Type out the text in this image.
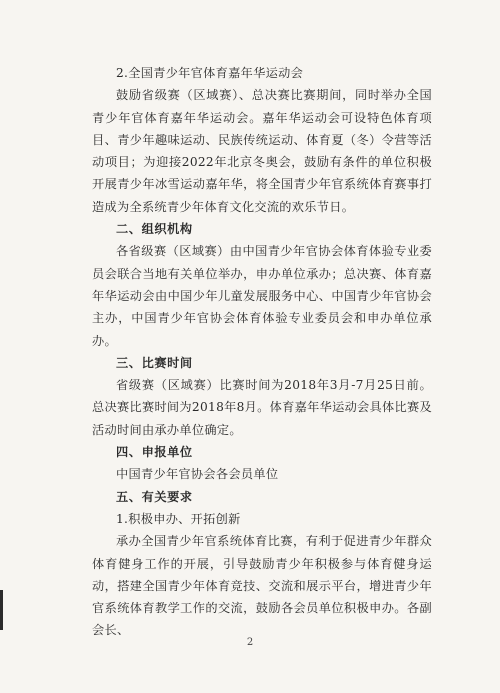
2.全国青少年官体育嘉年华运动会

鼓励省级赛（区域赛）、总决赛比赛期间，同时举办全国青少年官体育嘉年华运动会。嘉年华运动会可设特色体育项目、青少年趣味运动、民族传统运动、体育夏（冬）令营等活动项目；为迎接2022年北京冬奥会，鼓励有条件的单位积极开展青少年冰雪运动嘉年华，将全国青少年官系统体育赛事打造成为全系统青少年体育文化交流的欢乐节日。

二、组织机构

各省级赛（区域赛）由中国青少年官协会体育体验专业委员会联合当地有关单位举办，申办单位承办；总决赛、体育嘉年华运动会由中国少年儿童发展服务中心、中国青少年官协会主办，中国青少年官协会体育体验专业委员会和申办单位承办。

三、比赛时间

省级赛（区域赛）比赛时间为2018年3月-7月25日前。总决赛比赛时间为2018年8月。体育嘉年华运动会具体比赛及活动时间由承办单位确定。

四、申报单位

中国青少年官协会各会员单位

五、有关要求

1.积极申办、开拓创新

承办全国青少年官系统体育比赛，有利于促进青少年群众体育健身工作的开展，引导鼓励青少年积极参与体育健身运动，搭建全国青少年体育竞技、交流和展示平台，增进青少年官系统体育教学工作的交流，鼓励各会员单位积极申办。各副会长、

2
